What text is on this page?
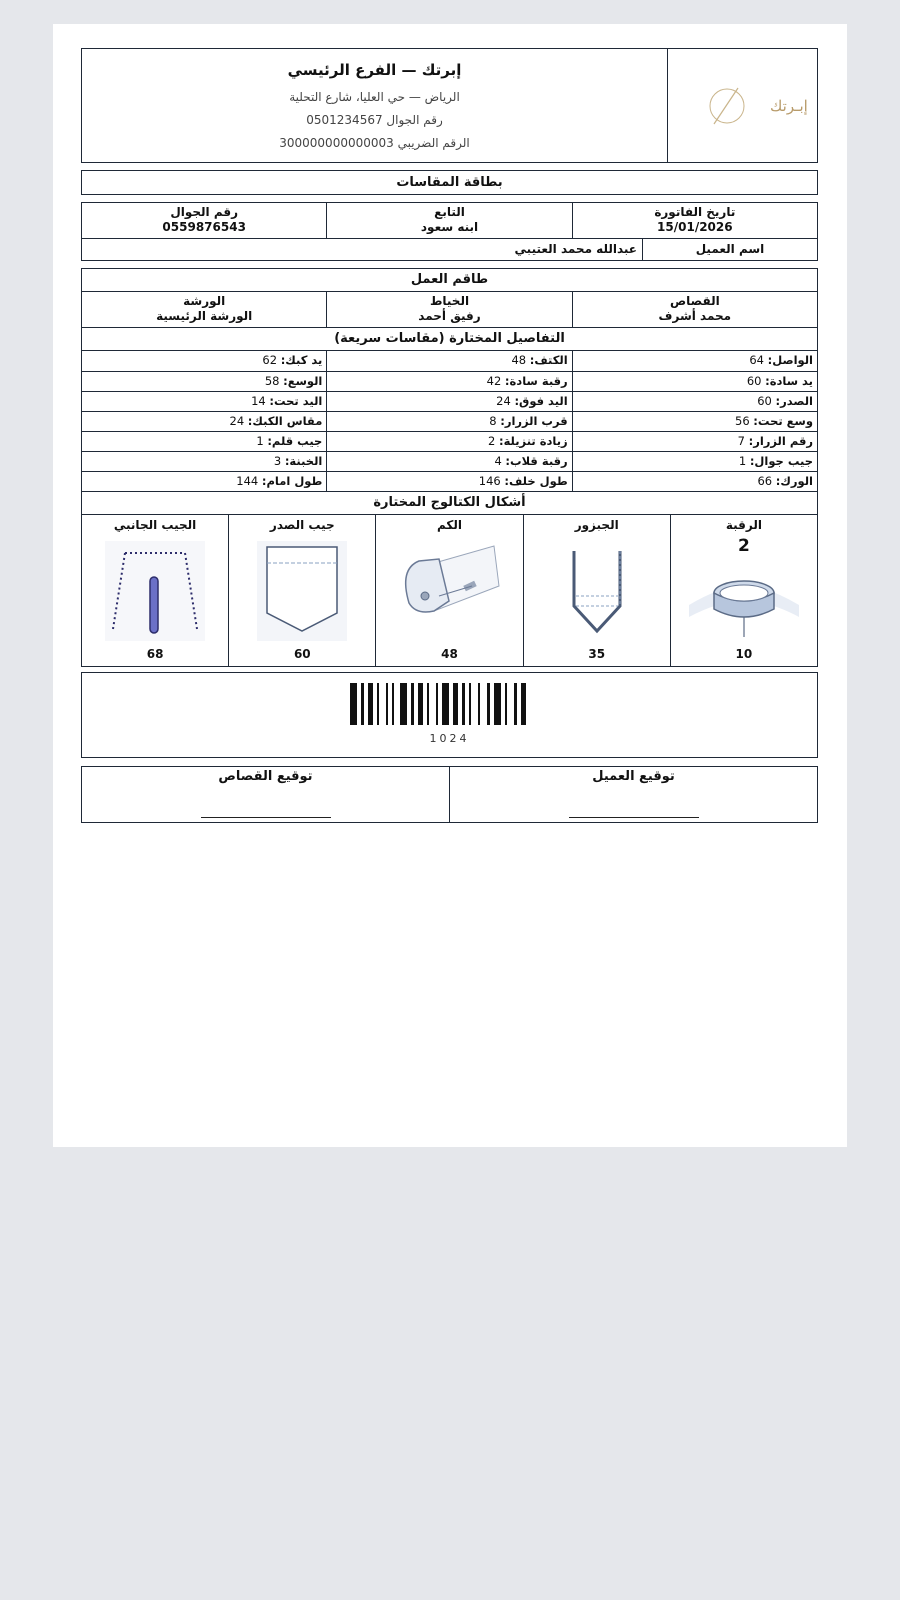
إبـرتك
إبرتك — الفرع الرئيسي
الرياض — حي العليا، شارع التحلية
رقم الجوال 0501234567
الرقم الضريبي 300000000000003
بطاقة المقاسات
تاريخ الفاتورة
15/01/2026
التابع
ابنه سعود
رقم الجوال
0559876543
اسم العميل
عبدالله محمد العتيبي
طاقم العمل
القصاص
محمد أشرف
الخياط
رفيق أحمد
الورشة
الورشة الرئيسية
التفاصيل المختارة (مقاسات سريعة)
الواصل: 64
الكتف: 48
يد كبك: 62
يد سادة: 60
رقبة سادة: 42
الوسع: 58
الصدر: 60
اليد فوق: 24
اليد تحت: 14
وسع تحت: 56
قرب الزرار: 8
مقاس الكبك: 24
رقم الزرار: 7
زيادة تنزيلة: 2
جيب قلم: 1
جيب جوال: 1
رقبة قلاب: 4
الخبنة: 3
الورك: 66
طول خلف: 146
طول امام: 144
أشكال الكتالوج المختارة
الرقبة
2
10
الجبزور
35
الكم
48
جيب الصدر
60
الجيب الجانبي
68
1024
توقيع العميل
توقيع القصاص
